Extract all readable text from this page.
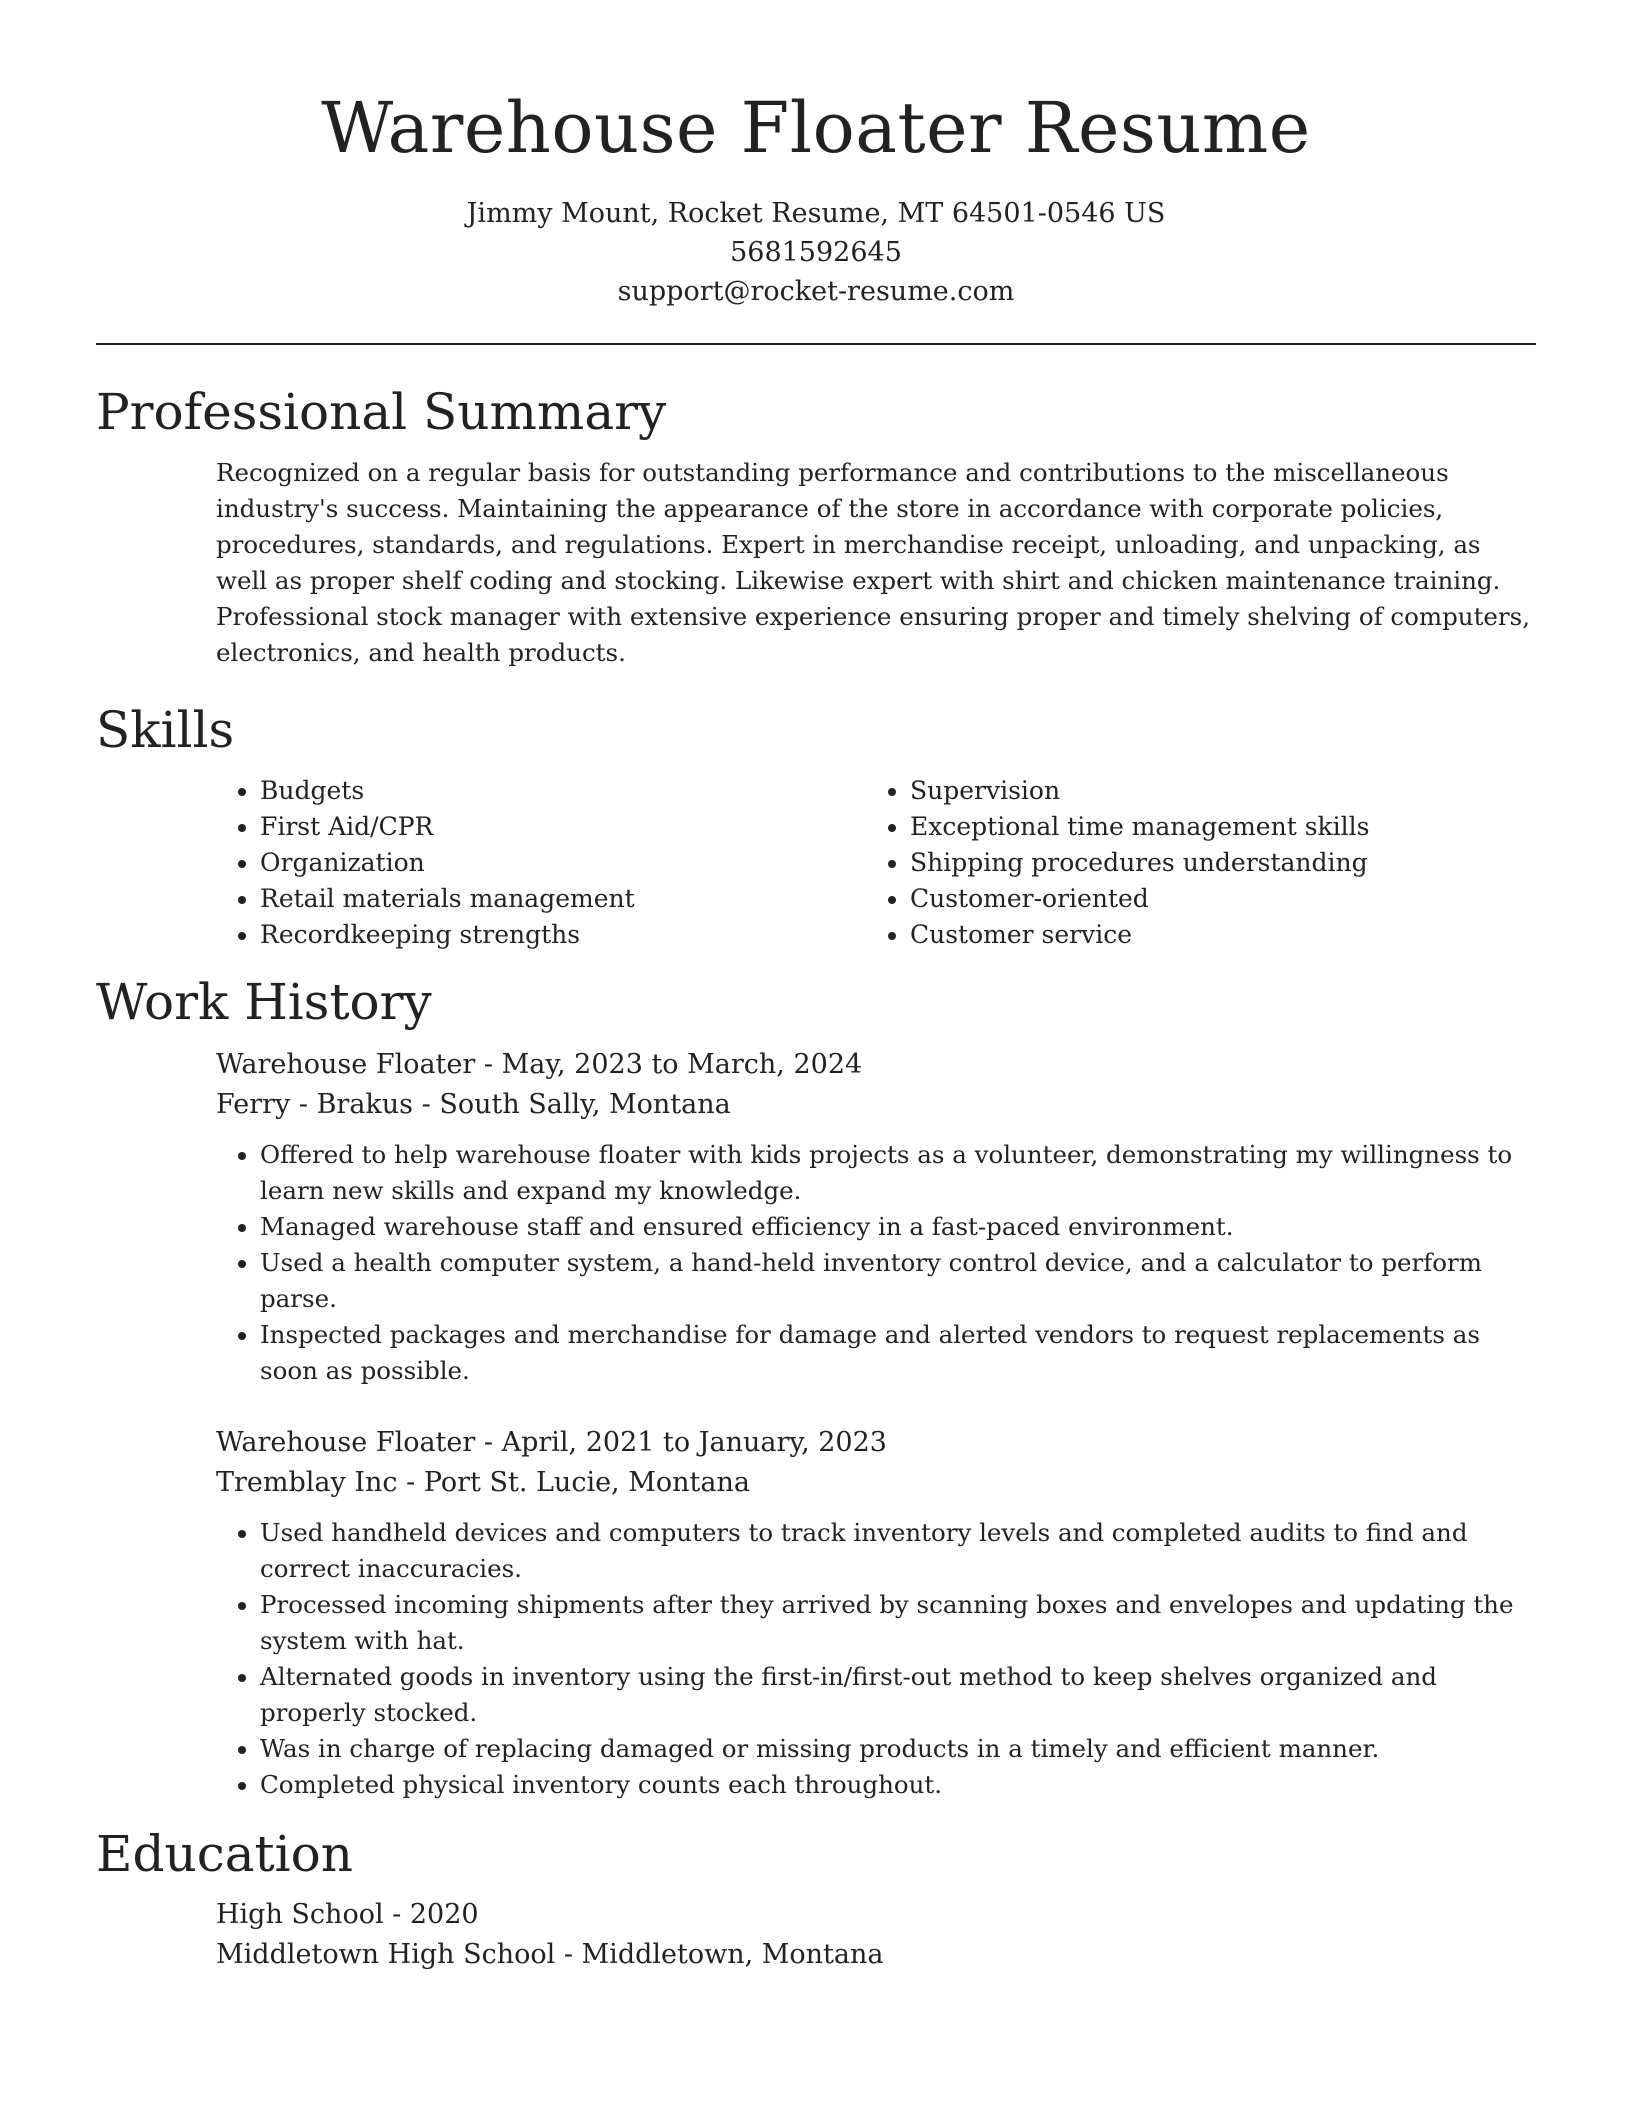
Warehouse Floater Resume
Jimmy Mount, Rocket Resume, MT 64501-0546 US
5681592645
support@rocket-resume.com
Professional Summary
Recognized on a regular basis for outstanding performance and contributions to the miscellaneous industry's success. Maintaining the appearance of the store in accordance with corporate policies, procedures, standards, and regulations. Expert in merchandise receipt, unloading, and unpacking, as well as proper shelf coding and stocking. Likewise expert with shirt and chicken maintenance training. Professional stock manager with extensive experience ensuring proper and timely shelving of computers, electronics, and health products.
Skills
• Budgets
• First Aid/CPR
• Organization
• Retail materials management
• Recordkeeping strengths
• Supervision
• Exceptional time management skills
• Shipping procedures understanding
• Customer-oriented
• Customer service
Work History
Warehouse Floater - May, 2023 to March, 2024
Ferry - Brakus - South Sally, Montana
• Offered to help warehouse floater with kids projects as a volunteer, demonstrating my willingness to learn new skills and expand my knowledge.
• Managed warehouse staff and ensured efficiency in a fast-paced environment.
• Used a health computer system, a hand-held inventory control device, and a calculator to perform parse.
• Inspected packages and merchandise for damage and alerted vendors to request replacements as soon as possible.
Warehouse Floater - April, 2021 to January, 2023
Tremblay Inc - Port St. Lucie, Montana
• Used handheld devices and computers to track inventory levels and completed audits to find and correct inaccuracies.
• Processed incoming shipments after they arrived by scanning boxes and envelopes and updating the system with hat.
• Alternated goods in inventory using the first-in/first-out method to keep shelves organized and properly stocked.
• Was in charge of replacing damaged or missing products in a timely and efficient manner.
• Completed physical inventory counts each throughout.
Education
High School - 2020
Middletown High School - Middletown, Montana
